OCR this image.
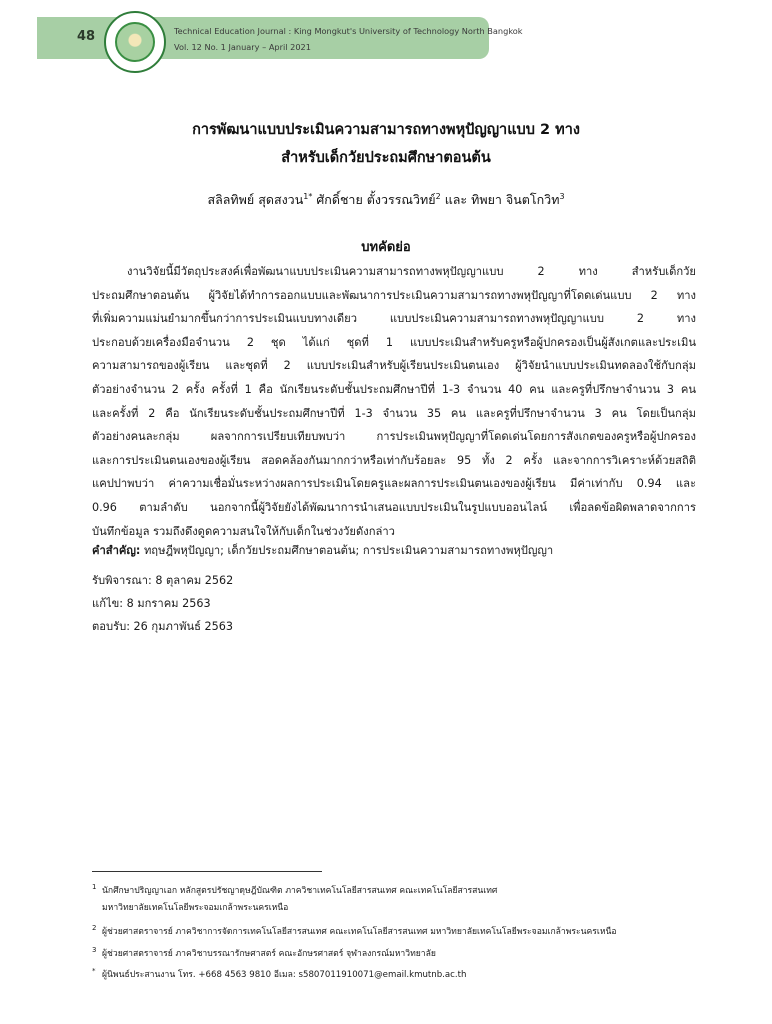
48	Technical Education Journal : King Mongkut's University of Technology North Bangkok
Vol. 12 No. 1 January – April 2021
การพัฒนาแบบประเมินความสามารถทางพหุปัญญาแบบ 2 ทาง
สำหรับเด็กวัยประถมศึกษาตอนต้น
สลิลทิพย์ สุดสงวน$^{1*}$ ศักดิ์ชาย ตั้งวรรณวิทย์$^2$ และ ทิพยา จินตโกวิท$^3$
บทคัดย่อ
งานวิจัยนี้มีวัตถุประสงค์เพื่อพัฒนาแบบประเมินความสามารถทางพหุปัญญาแบบ 2 ทาง สำหรับเด็กวัย
ประถมศึกษาตอนต้น ผู้วิจัยได้ทำการออกแบบและพัฒนาการประเมินความสามารถทางพหุปัญญาที่โดดเด่นแบบ 2 ทาง
ที่เพิ่มความแม่นยำมากขึ้นกว่าการประเมินแบบทางเดียว แบบประเมินความสามารถทางพหุปัญญาแบบ 2 ทาง
ประกอบด้วยเครื่องมือจำนวน 2 ชุด ได้แก่ ชุดที่ 1 แบบประเมินสำหรับครูหรือผู้ปกครองเป็นผู้สังเกตและประเมิน
ความสามารถของผู้เรียน และชุดที่ 2 แบบประเมินสำหรับผู้เรียนประเมินตนเอง ผู้วิจัยนำแบบประเมินทดลองใช้กับกลุ่ม
ตัวอย่างจำนวน 2 ครั้ง ครั้งที่ 1 คือ นักเรียนระดับชั้นประถมศึกษาปีที่ 1-3 จำนวน 40 คน และครูที่ปรึกษาจำนวน 3 คน
และครั้งที่ 2 คือ นักเรียนระดับชั้นประถมศึกษาปีที่ 1-3 จำนวน 35 คน และครูที่ปรึกษาจำนวน 3 คน โดยเป็นกลุ่ม
ตัวอย่างคนละกลุ่ม ผลจากการเปรียบเทียบพบว่า การประเมินพหุปัญญาที่โดดเด่นโดยการสังเกตของครูหรือผู้ปกครอง
และการประเมินตนเองของผู้เรียน สอดคล้องกันมากกว่าหรือเท่ากับร้อยละ 95 ทั้ง 2 ครั้ง และจากการวิเคราะห์ด้วยสถิติ
แคปปาพบว่า ค่าความเชื่อมั่นระหว่างผลการประเมินโดยครูและผลการประเมินตนเองของผู้เรียน มีค่าเท่ากับ 0.94 และ
0.96 ตามลำดับ นอกจากนี้ผู้วิจัยยังได้พัฒนาการนำเสนอแบบประเมินในรูปแบบออนไลน์ เพื่อลดข้อผิดพลาดจากการ
บันทึกข้อมูล รวมถึงดึงดูดความสนใจให้กับเด็กในช่วงวัยดังกล่าว
คำสำคัญ: ทฤษฎีพหุปัญญา; เด็กวัยประถมศึกษาตอนต้น; การประเมินความสามารถทางพหุปัญญา
รับพิจารณา: 8 ตุลาคม 2562
แก้ไข: 8 มกราคม 2563
ตอบรับ: 26 กุมภาพันธ์ 2563
1 นักศึกษาปริญญาเอก หลักสูตรปรัชญาดุษฎีบัณฑิต ภาควิชาเทคโนโลยีสารสนเทศ คณะเทคโนโลยีสารสนเทศ
มหาวิทยาลัยเทคโนโลยีพระจอมเกล้าพระนครเหนือ
2 ผู้ช่วยศาสตราจารย์ ภาควิชาการจัดการเทคโนโลยีสารสนเทศ คณะเทคโนโลยีสารสนเทศ มหาวิทยาลัยเทคโนโลยีพระจอมเกล้าพระนครเหนือ
3 ผู้ช่วยศาสตราจารย์ ภาควิชาบรรณารักษศาสตร์ คณะอักษรศาสตร์ จุฬาลงกรณ์มหาวิทยาลัย
* ผู้นิพนธ์ประสานงาน โทร. +668 4563 9810 อีเมล: s5807011910071@email.kmutnb.ac.th
